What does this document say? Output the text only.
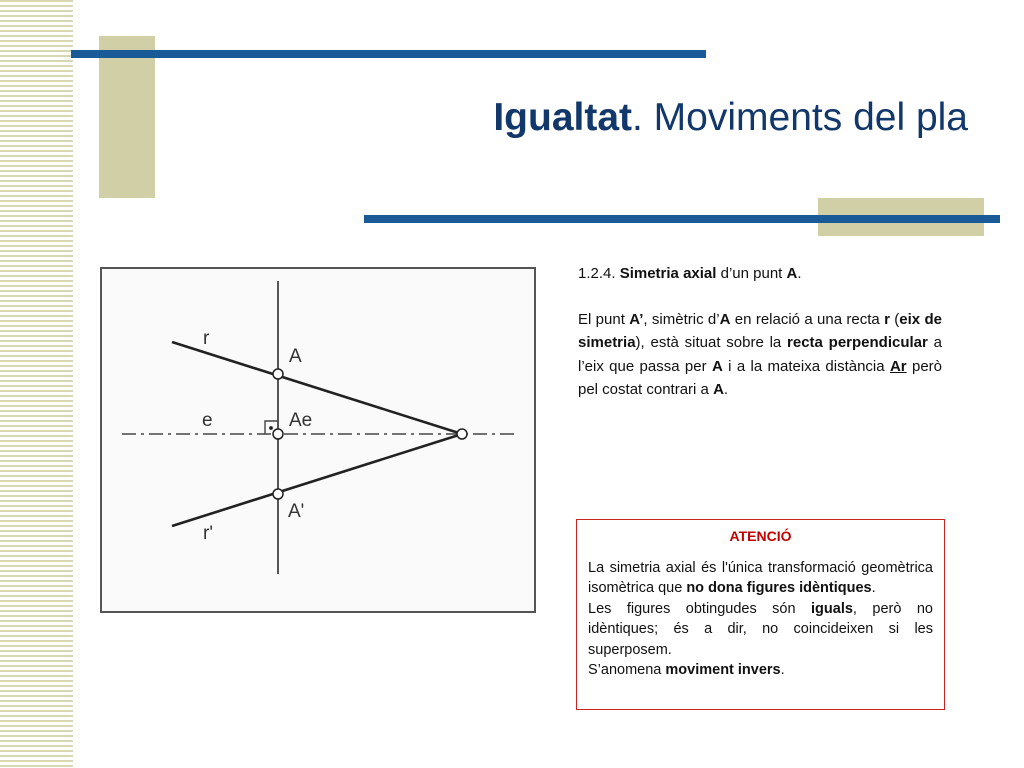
Igualtat. Moviments del pla
r
A
e	Ae
A'
r'

1.2.4. Simetria axial d’un punt A.

El punt A’, simètric d’A en relació a una recta r (eix de simetria), està situat sobre la recta perpendicular a l’eix que passa per A i a la mateixa distància Ar però pel costat contrari a A.

ATENCIÓ

La simetria axial és l'única transformació geomètrica isomètrica que no dona figures idèntiques.

Les figures obtingudes són iguals, però no idèntiques; és a dir, no coincideixen si les superposem.

S’anomena moviment invers.
